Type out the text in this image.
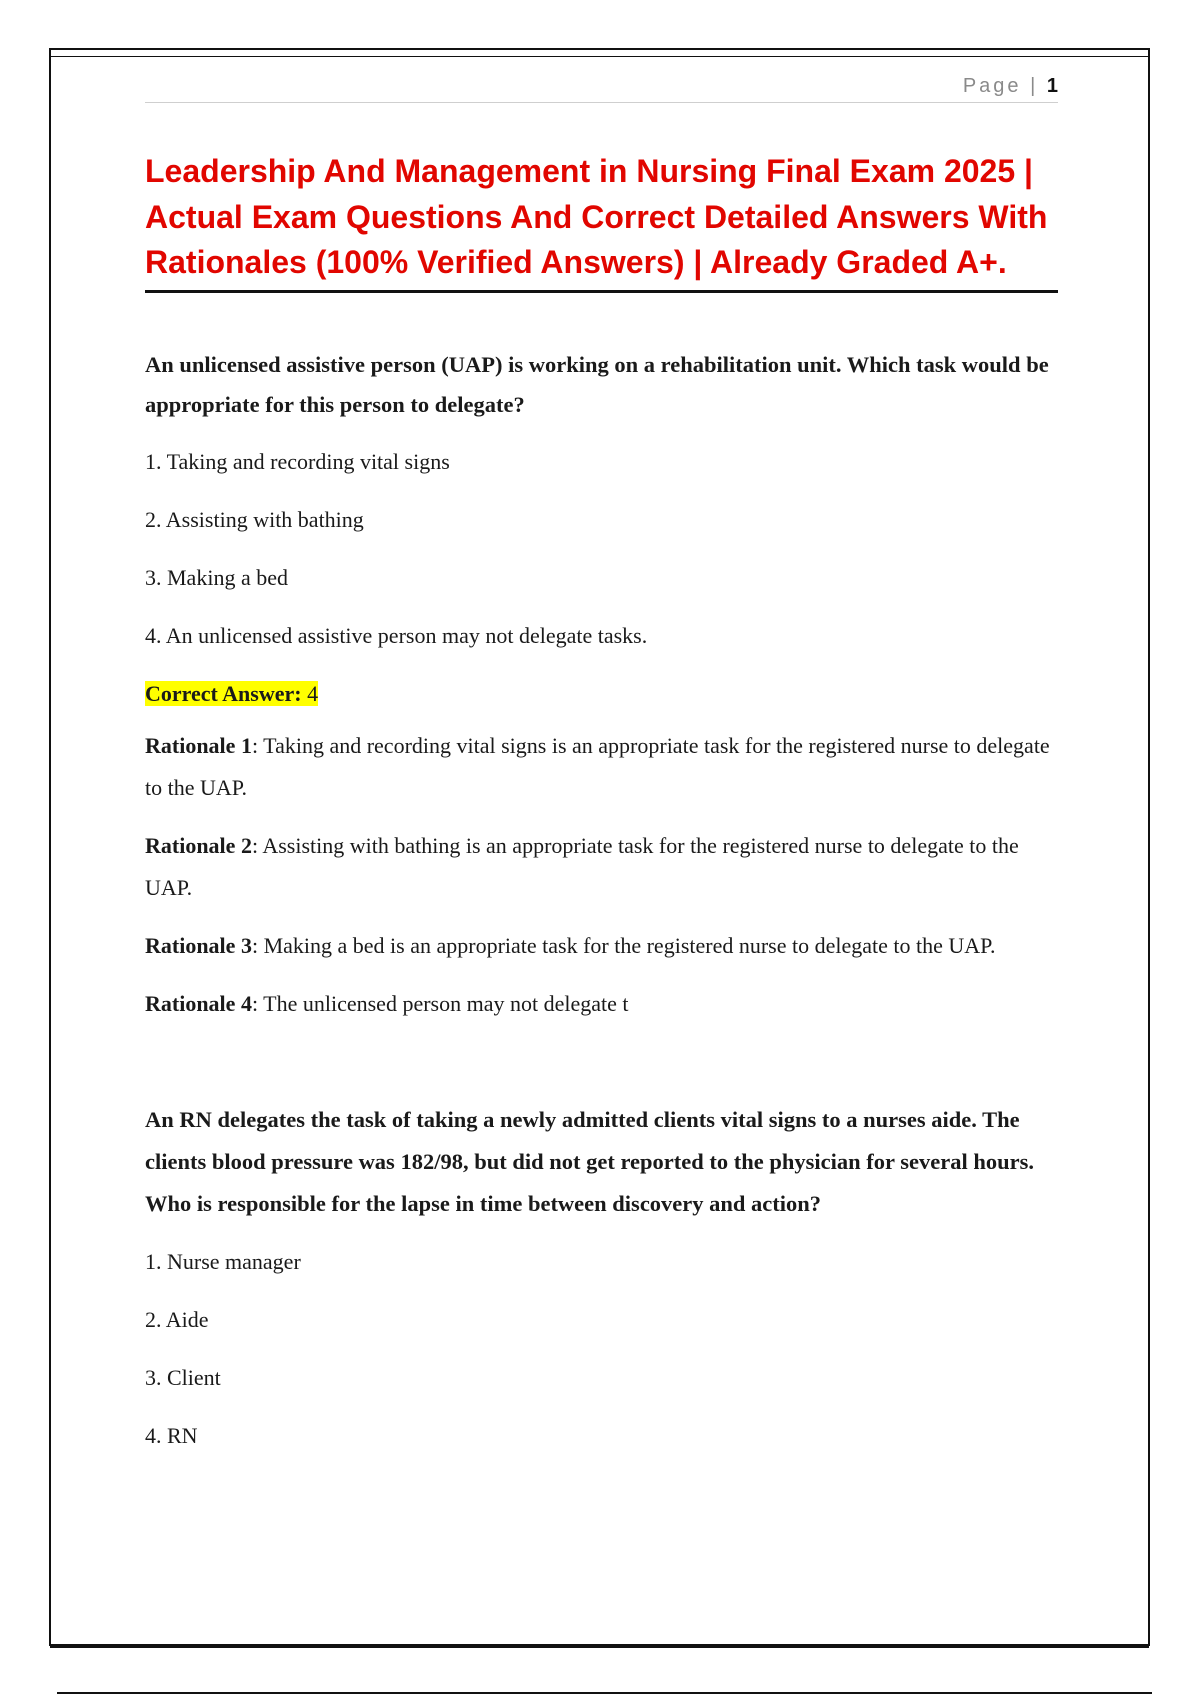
Page | 1
Leadership And Management in Nursing Final Exam 2025 | Actual Exam Questions And Correct Detailed Answers With Rationales (100% Verified Answers) | Already Graded A+.
An unlicensed assistive person (UAP) is working on a rehabilitation unit. Which task would be appropriate for this person to delegate?
1. Taking and recording vital signs
2. Assisting with bathing
3. Making a bed
4. An unlicensed assistive person may not delegate tasks.
Correct Answer: 4
Rationale 1: Taking and recording vital signs is an appropriate task for the registered nurse to delegate to the UAP.
Rationale 2: Assisting with bathing is an appropriate task for the registered nurse to delegate to the UAP.
Rationale 3: Making a bed is an appropriate task for the registered nurse to delegate to the UAP.
Rationale 4: The unlicensed person may not delegate t
An RN delegates the task of taking a newly admitted clients vital signs to a nurses aide. The clients blood pressure was 182/98, but did not get reported to the physician for several hours. Who is responsible for the lapse in time between discovery and action?
1. Nurse manager
2. Aide
3. Client
4. RN
